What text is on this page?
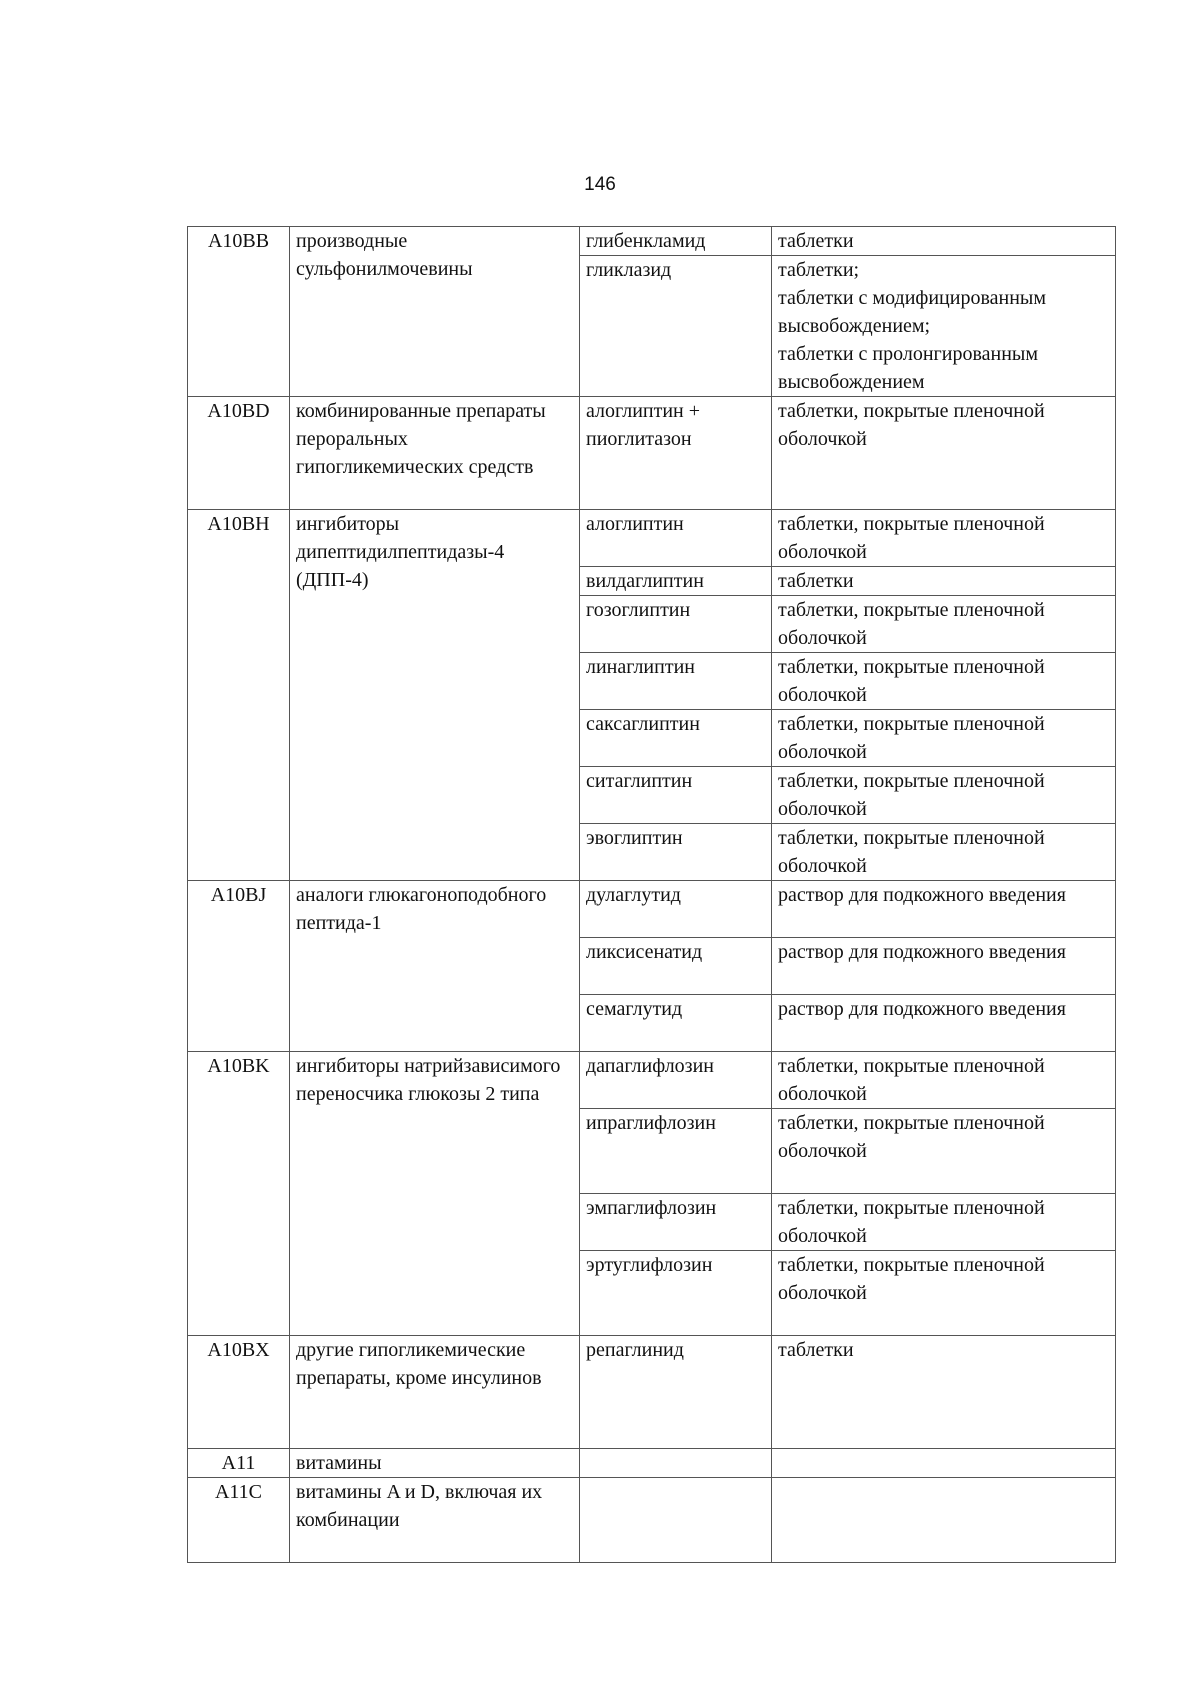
146
A10BB	производные сульфонилмочевины	глибенкламид	таблетки
		гликлазид	таблетки;
таблетки с модифицированным высвобождением;
таблетки с пролонгированным высвобождением
A10BD	комбинированные препараты пероральных гипогликемических средств	алоглиптин + пиоглитазон	таблетки, покрытые пленочной оболочкой
A10BH	ингибиторы дипептидилпептидазы-4 (ДПП-4)	алоглиптин	таблетки, покрытые пленочной оболочкой
		вилдаглиптин	таблетки
		гозоглиптин	таблетки, покрытые пленочной оболочкой
		линаглиптин	таблетки, покрытые пленочной оболочкой
		саксаглиптин	таблетки, покрытые пленочной оболочкой
		ситаглиптин	таблетки, покрытые пленочной оболочкой
		эвоглиптин	таблетки, покрытые пленочной оболочкой
A10BJ	аналоги глюкагоноподобного пептида-1	дулаглутид	раствор для подкожного введения
		ликсисенатид	раствор для подкожного введения
		семаглутид	раствор для подкожного введения
A10BK	ингибиторы натрийзависимого переносчика глюкозы 2 типа	дапаглифлозин	таблетки, покрытые пленочной оболочкой
		ипраглифлозин	таблетки, покрытые пленочной оболочкой
		эмпаглифлозин	таблетки, покрытые пленочной оболочкой
		эртуглифлозин	таблетки, покрытые пленочной оболочкой
A10BX	другие гипогликемические препараты, кроме инсулинов	репаглинид	таблетки
A11	витамины		
A11C	витамины A и D, включая их комбинации		
